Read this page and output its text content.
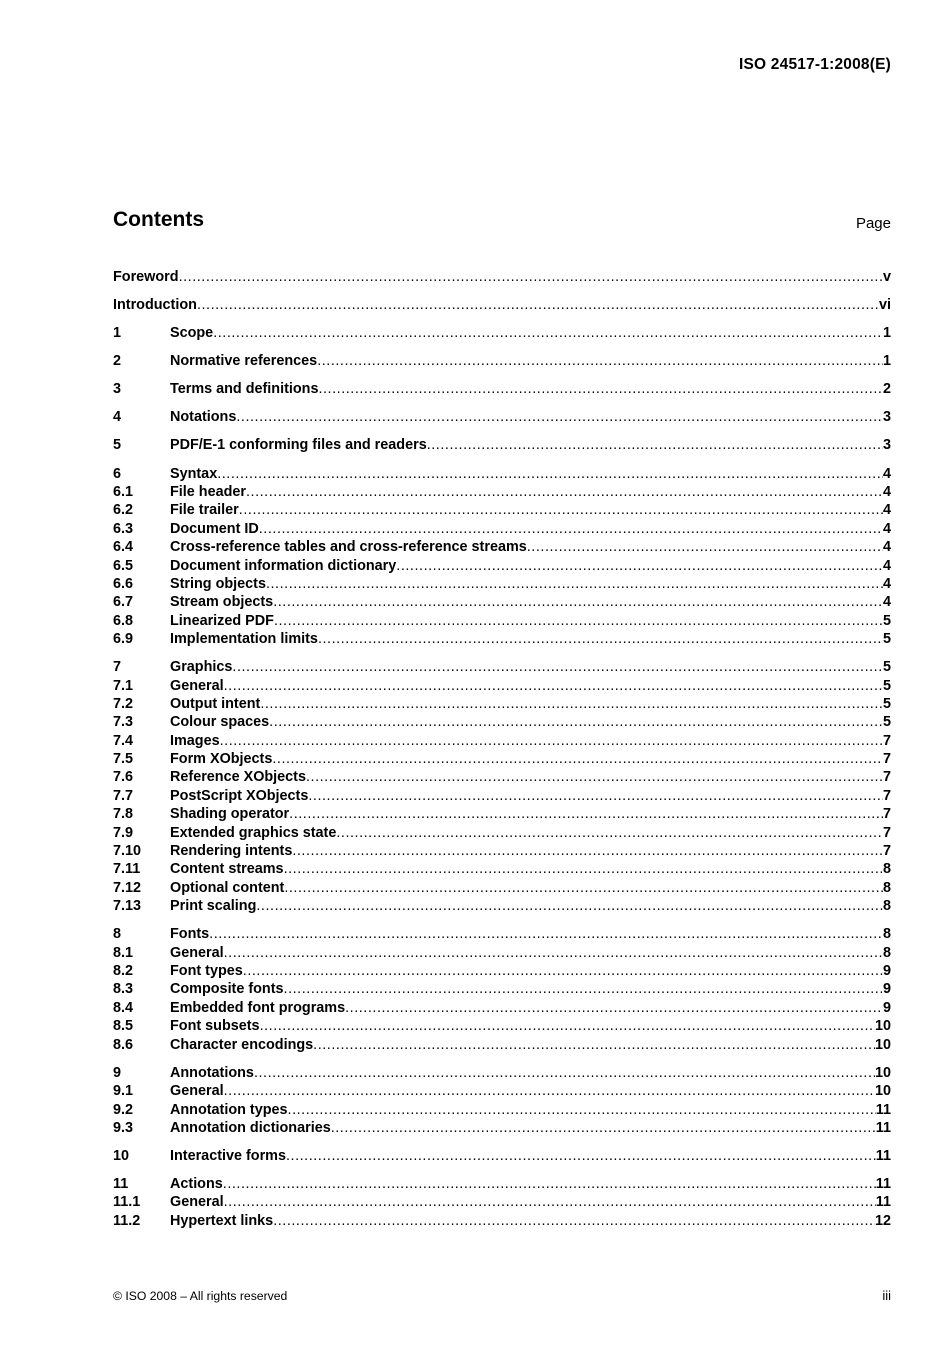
ISO 24517-1:2008(E)
Contents	Page
Foreword .....	v
Introduction .....	vi
1	Scope .....	1
2	Normative references .....	1
3	Terms and definitions .....	2
4	Notations .....	3
5	PDF/E-1 conforming files and readers .....	3
6	Syntax .....	4
6.1	File header .....	4
6.2	File trailer .....	4
6.3	Document ID .....	4
6.4	Cross-reference tables and cross-reference streams .....	4
6.5	Document information dictionary .....	4
6.6	String objects .....	4
6.7	Stream objects .....	4
6.8	Linearized PDF .....	5
6.9	Implementation limits .....	5
7	Graphics .....	5
7.1	General .....	5
7.2	Output intent .....	5
7.3	Colour spaces .....	5
7.4	Images .....	7
7.5	Form XObjects .....	7
7.6	Reference XObjects .....	7
7.7	PostScript XObjects .....	7
7.8	Shading operator .....	7
7.9	Extended graphics state .....	7
7.10	Rendering intents .....	7
7.11	Content streams .....	8
7.12	Optional content .....	8
7.13	Print scaling .....	8
8	Fonts .....	8
8.1	General .....	8
8.2	Font types .....	9
8.3	Composite fonts .....	9
8.4	Embedded font programs .....	9
8.5	Font subsets .....	10
8.6	Character encodings .....	10
9	Annotations .....	10
9.1	General .....	10
9.2	Annotation types .....	11
9.3	Annotation dictionaries .....	11
10	Interactive forms .....	11
11	Actions .....	11
11.1	General .....	11
11.2	Hypertext links .....	12
© ISO 2008 – All rights reserved	iii
